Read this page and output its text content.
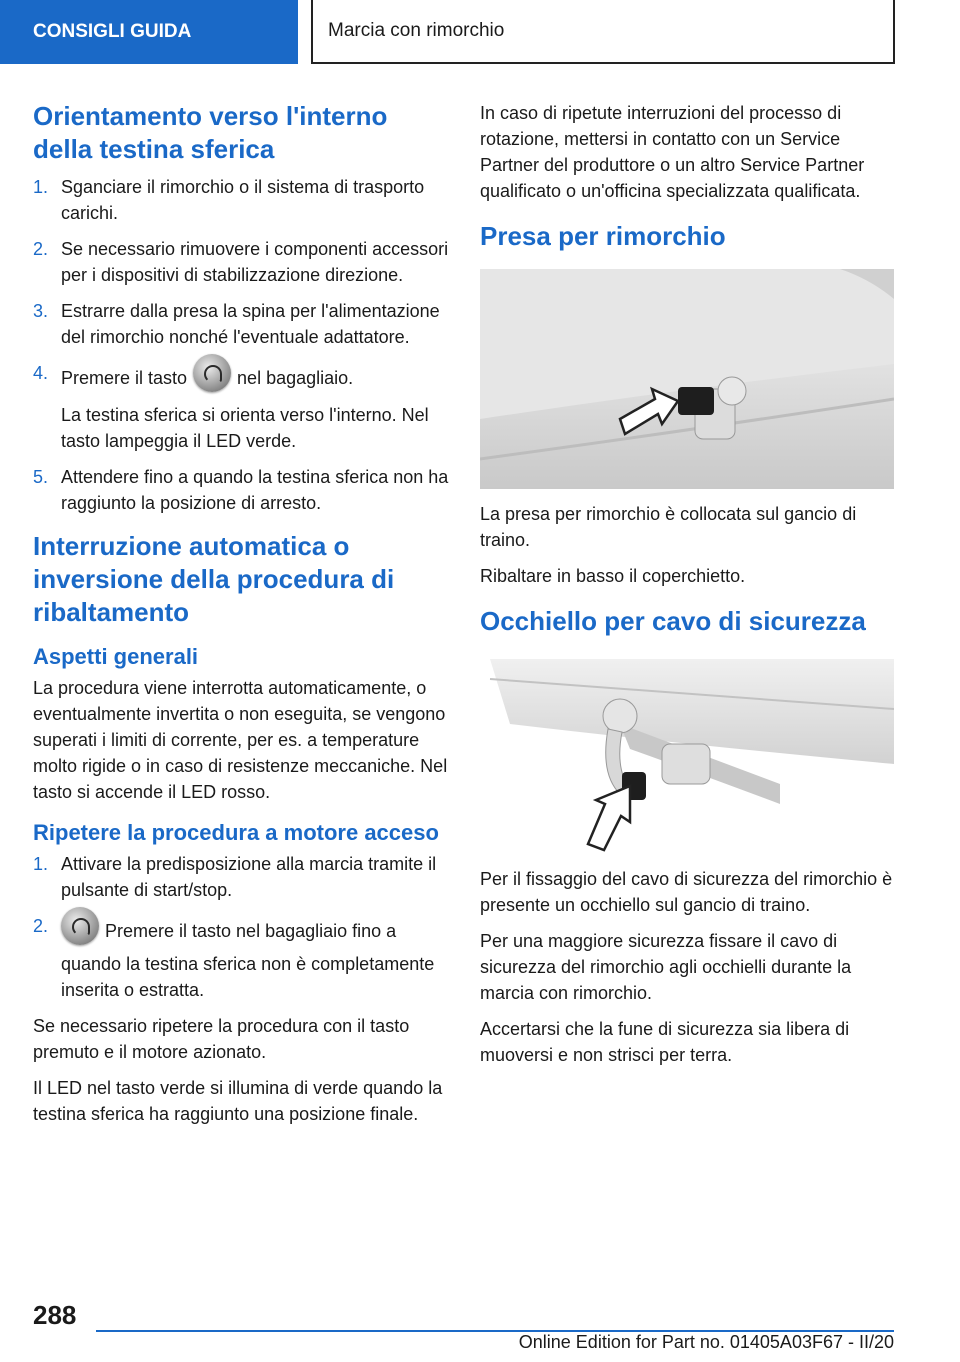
CONSIGLI GUIDA	Marcia con rimorchio
Orientamento verso l'interno della testina sferica
1. Sganciare il rimorchio o il sistema di trasporto carichi.
2. Se necessario rimuovere i componenti accessori per i dispositivi di stabilizzazione direzione.
3. Estrarre dalla presa la spina per l'alimentazione del rimorchio nonché l'eventuale adattatore.
4. Premere il tasto	nel bagagliaio.
La testina sferica si orienta verso l'interno. Nel tasto lampeggia il LED verde.
5. Attendere fino a quando la testina sferica non ha raggiunto la posizione di arresto.
Interruzione automatica o inversione della procedura di ribaltamento
Aspetti generali

La procedura viene interrotta automaticamente, o eventualmente invertita o non eseguita, se vengono superati i limiti di corrente, per es. a temperature molto rigide o in caso di resistenze meccaniche. Nel tasto si accende il LED rosso.

Ripetere la procedura a motore acceso
1. Attivare la predisposizione alla marcia tramite il pulsante di start/stop.
2.	Premere il tasto nel bagagliaio fino a quando la testina sferica non è completamente inserita o estratta.

Se necessario ripetere la procedura con il tasto premuto e il motore azionato.

Il LED nel tasto verde si illumina di verde quando la testina sferica ha raggiunto una posizione finale.

In caso di ripetute interruzioni del processo di rotazione, mettersi in contatto con un Service Partner del produttore o un altro Service Partner qualificato o un'officina specializzata qualificata.

Presa per rimorchio

La presa per rimorchio è collocata sul gancio di traino.

Ribaltare in basso il coperchietto.

Occhiello per cavo di sicurezza

Per il fissaggio del cavo di sicurezza del rimorchio è presente un occhiello sul gancio di traino.

Per una maggiore sicurezza fissare il cavo di sicurezza del rimorchio agli occhielli durante la marcia con rimorchio.

Accertarsi che la fune di sicurezza sia libera di muoversi e non strisci per terra.

288
Online Edition for Part no. 01405A03F67 - II/20
